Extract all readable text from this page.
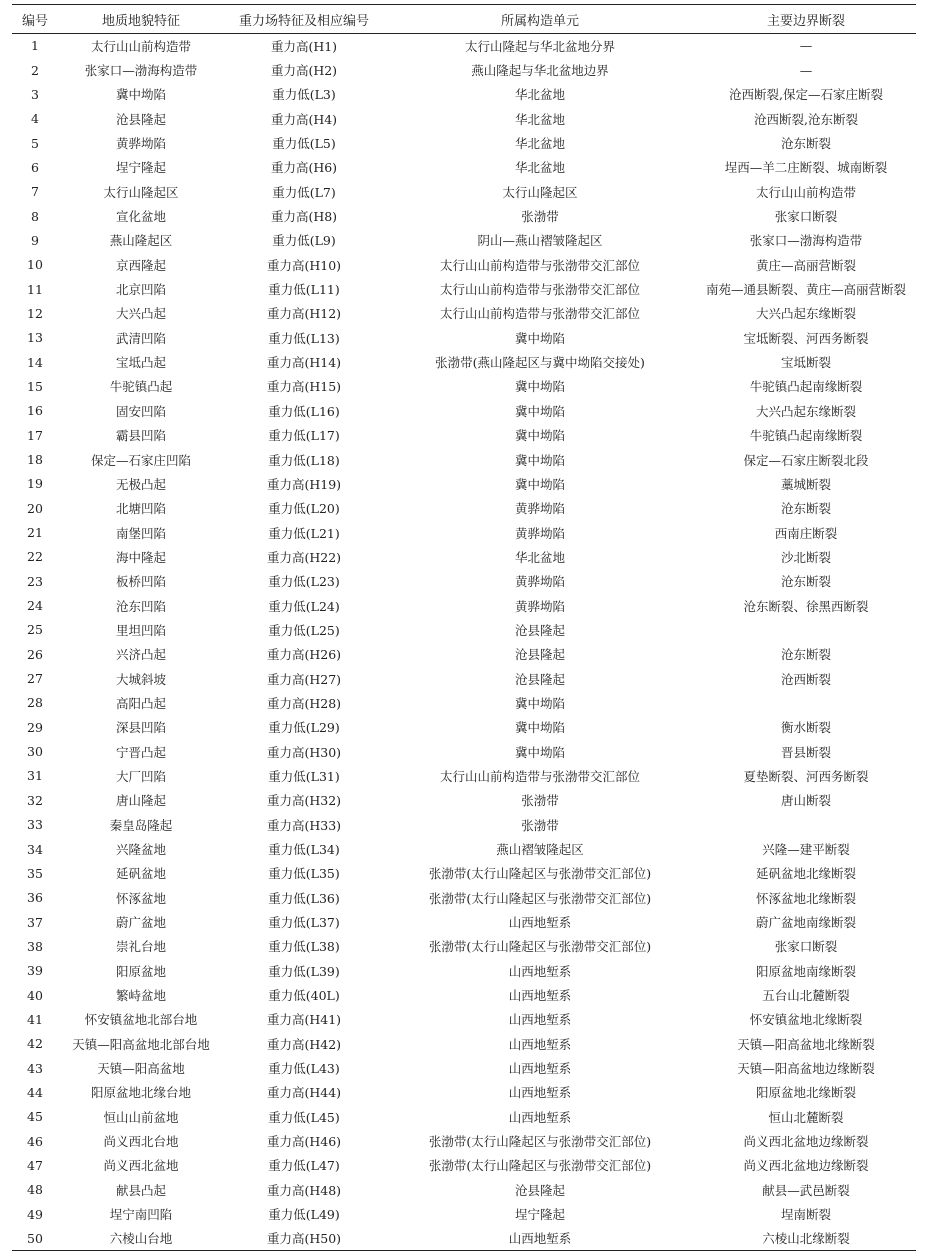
编号	地质地貌特征	重力场特征及相应编号	所属构造单元	主要边界断裂
1	太行山山前构造带	重力高(H1)	太行山隆起与华北盆地分界	—
2	张家口—渤海构造带	重力高(H2)	燕山隆起与华北盆地边界	—
3	冀中坳陷	重力低(L3)	华北盆地	沧西断裂,保定—石家庄断裂
4	沧县隆起	重力高(H4)	华北盆地	沧西断裂,沧东断裂
5	黄骅坳陷	重力低(L5)	华北盆地	沧东断裂
6	埕宁隆起	重力高(H6)	华北盆地	埕西—羊二庄断裂、城南断裂
7	太行山隆起区	重力低(L7)	太行山隆起区	太行山山前构造带
8	宣化盆地	重力高(H8)	张渤带	张家口断裂
9	燕山隆起区	重力低(L9)	阴山—燕山褶皱隆起区	张家口—渤海构造带
10	京西隆起	重力高(H10)	太行山山前构造带与张渤带交汇部位	黄庄—高丽营断裂
11	北京凹陷	重力低(L11)	太行山山前构造带与张渤带交汇部位	南苑—通县断裂、黄庄—高丽营断裂
12	大兴凸起	重力高(H12)	太行山山前构造带与张渤带交汇部位	大兴凸起东缘断裂
13	武清凹陷	重力低(L13)	冀中坳陷	宝坻断裂、河西务断裂
14	宝坻凸起	重力高(H14)	张渤带(燕山隆起区与冀中坳陷交接处)	宝坻断裂
15	牛驼镇凸起	重力高(H15)	冀中坳陷	牛驼镇凸起南缘断裂
16	固安凹陷	重力低(L16)	冀中坳陷	大兴凸起东缘断裂
17	霸县凹陷	重力低(L17)	冀中坳陷	牛驼镇凸起南缘断裂
18	保定—石家庄凹陷	重力低(L18)	冀中坳陷	保定—石家庄断裂北段
19	无极凸起	重力高(H19)	冀中坳陷	藁城断裂
20	北塘凹陷	重力低(L20)	黄骅坳陷	沧东断裂
21	南堡凹陷	重力低(L21)	黄骅坳陷	西南庄断裂
22	海中隆起	重力高(H22)	华北盆地	沙北断裂
23	板桥凹陷	重力低(L23)	黄骅坳陷	沧东断裂
24	沧东凹陷	重力低(L24)	黄骅坳陷	沧东断裂、徐黑西断裂
25	里坦凹陷	重力低(L25)	沧县隆起	
26	兴济凸起	重力高(H26)	沧县隆起	沧东断裂
27	大城斜坡	重力高(H27)	沧县隆起	沧西断裂
28	高阳凸起	重力高(H28)	冀中坳陷	
29	深县凹陷	重力低(L29)	冀中坳陷	衡水断裂
30	宁晋凸起	重力高(H30)	冀中坳陷	晋县断裂
31	大厂凹陷	重力低(L31)	太行山山前构造带与张渤带交汇部位	夏垫断裂、河西务断裂
32	唐山隆起	重力高(H32)	张渤带	唐山断裂
33	秦皇岛隆起	重力高(H33)	张渤带	
34	兴隆盆地	重力低(L34)	燕山褶皱隆起区	兴隆—建平断裂
35	延矾盆地	重力低(L35)	张渤带(太行山隆起区与张渤带交汇部位)	延矾盆地北缘断裂
36	怀涿盆地	重力低(L36)	张渤带(太行山隆起区与张渤带交汇部位)	怀涿盆地北缘断裂
37	蔚广盆地	重力低(L37)	山西地堑系	蔚广盆地南缘断裂
38	崇礼台地	重力低(L38)	张渤带(太行山隆起区与张渤带交汇部位)	张家口断裂
39	阳原盆地	重力低(L39)	山西地堑系	阳原盆地南缘断裂
40	繁峙盆地	重力低(40L)	山西地堑系	五台山北麓断裂
41	怀安镇盆地北部台地	重力高(H41)	山西地堑系	怀安镇盆地北缘断裂
42	天镇—阳高盆地北部台地	重力高(H42)	山西地堑系	天镇—阳高盆地北缘断裂
43	天镇—阳高盆地	重力低(L43)	山西地堑系	天镇—阳高盆地边缘断裂
44	阳原盆地北缘台地	重力高(H44)	山西地堑系	阳原盆地北缘断裂
45	恒山山前盆地	重力低(L45)	山西地堑系	恒山北麓断裂
46	尚义西北台地	重力高(H46)	张渤带(太行山隆起区与张渤带交汇部位)	尚义西北盆地边缘断裂
47	尚义西北盆地	重力低(L47)	张渤带(太行山隆起区与张渤带交汇部位)	尚义西北盆地边缘断裂
48	献县凸起	重力高(H48)	沧县隆起	献县—武邑断裂
49	埕宁南凹陷	重力低(L49)	埕宁隆起	埕南断裂
50	六棱山台地	重力高(H50)	山西地堑系	六棱山北缘断裂
